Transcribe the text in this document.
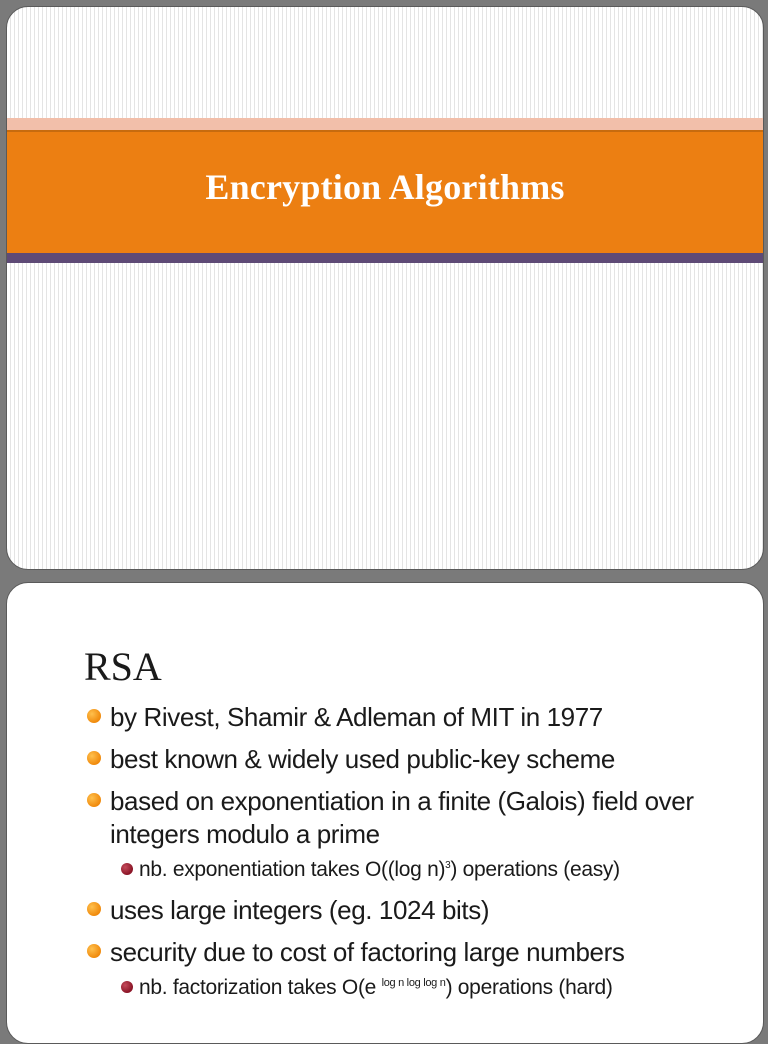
Encryption Algorithms
RSA
by Rivest, Shamir & Adleman of MIT in 1977
best known & widely used public-key scheme
based on exponentiation in a finite (Galois) field over integers modulo a prime
nb. exponentiation takes O((log n)$^3$) operations (easy)
uses large integers (eg. 1024 bits)
security due to cost of factoring large numbers
nb. factorization takes O(e $^{log n log log n}$) operations (hard)
